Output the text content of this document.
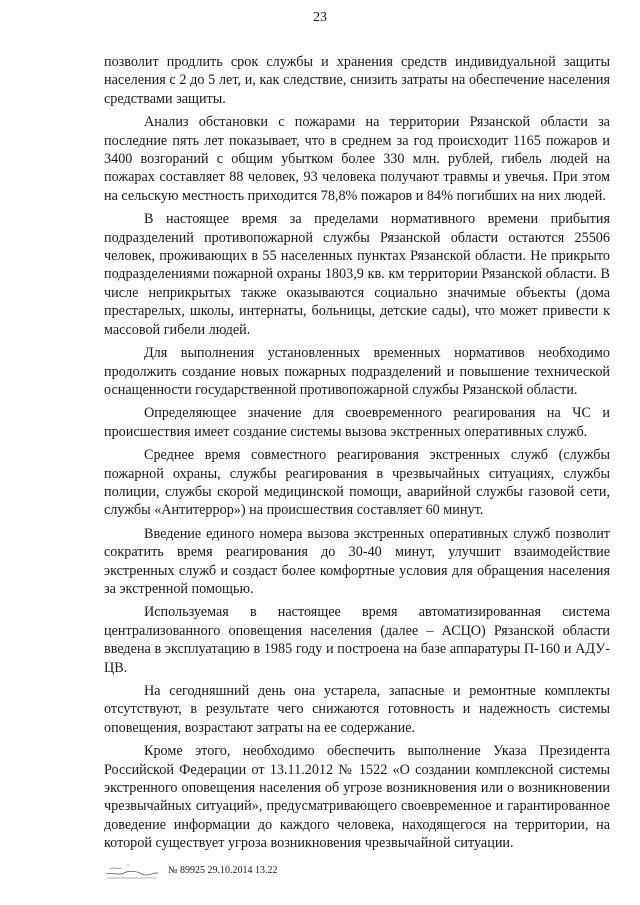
23

позволит продлить срок службы и хранения средств индивидуальной защиты населения с 2 до 5 лет, и, как следствие, снизить затраты на обеспечение населения средствами защиты.

Анализ обстановки с пожарами на территории Рязанской области за последние пять лет показывает, что в среднем за год происходит 1165 пожаров и 3400 возгораний с общим убытком более 330 млн. рублей, гибель людей на пожарах составляет 88 человек, 93 человека получают травмы и увечья. При этом на сельскую местность приходится 78,8% пожаров и 84% погибших на них людей.

В настоящее время за пределами нормативного времени прибытия подразделений противопожарной службы Рязанской области остаются 25506 человек, проживающих в 55 населенных пунктах Рязанской области. Не прикрыто подразделениями пожарной охраны 1803,9 кв. км территории Рязанской области. В числе неприкрытых также оказываются социально значимые объекты (дома престарелых, школы, интернаты, больницы, детские сады), что может привести к массовой гибели людей.

Для выполнения установленных временных нормативов необходимо продолжить создание новых пожарных подразделений и повышение технической оснащенности государственной противопожарной службы Рязанской области.

Определяющее значение для своевременного реагирования на ЧС и происшествия имеет создание системы вызова экстренных оперативных служб.

Среднее время совместного реагирования экстренных служб (службы пожарной охраны, службы реагирования в чрезвычайных ситуациях, службы полиции, службы скорой медицинской помощи, аварийной службы газовой сети, службы «Антитеррор») на происшествия составляет 60 минут.

Введение единого номера вызова экстренных оперативных служб позволит сократить время реагирования до 30-40 минут, улучшит взаимодействие экстренных служб и создаст более комфортные условия для обращения населения за экстренной помощью.

Используемая в настоящее время автоматизированная система централизованного оповещения населения (далее – АСЦО) Рязанской области введена в эксплуатацию в 1985 году и построена на базе аппаратуры П-160 и АДУ-ЦВ.

На сегодняшний день она устарела, запасные и ремонтные комплекты отсутствуют, в результате чего снижаются готовность и надежность системы оповещения, возрастают затраты на ее содержание.

Кроме этого, необходимо обеспечить выполнение Указа Президента Российской Федерации от 13.11.2012 № 1522 «О создании комплексной системы экстренного оповещения населения об угрозе возникновения или о возникновении чрезвычайных ситуаций», предусматривающего своевременное и гарантированное доведение информации до каждого человека, находящегося на территории, на которой существует угроза возникновения чрезвычайной ситуации.

№ 89925 29.10.2014 13.22
